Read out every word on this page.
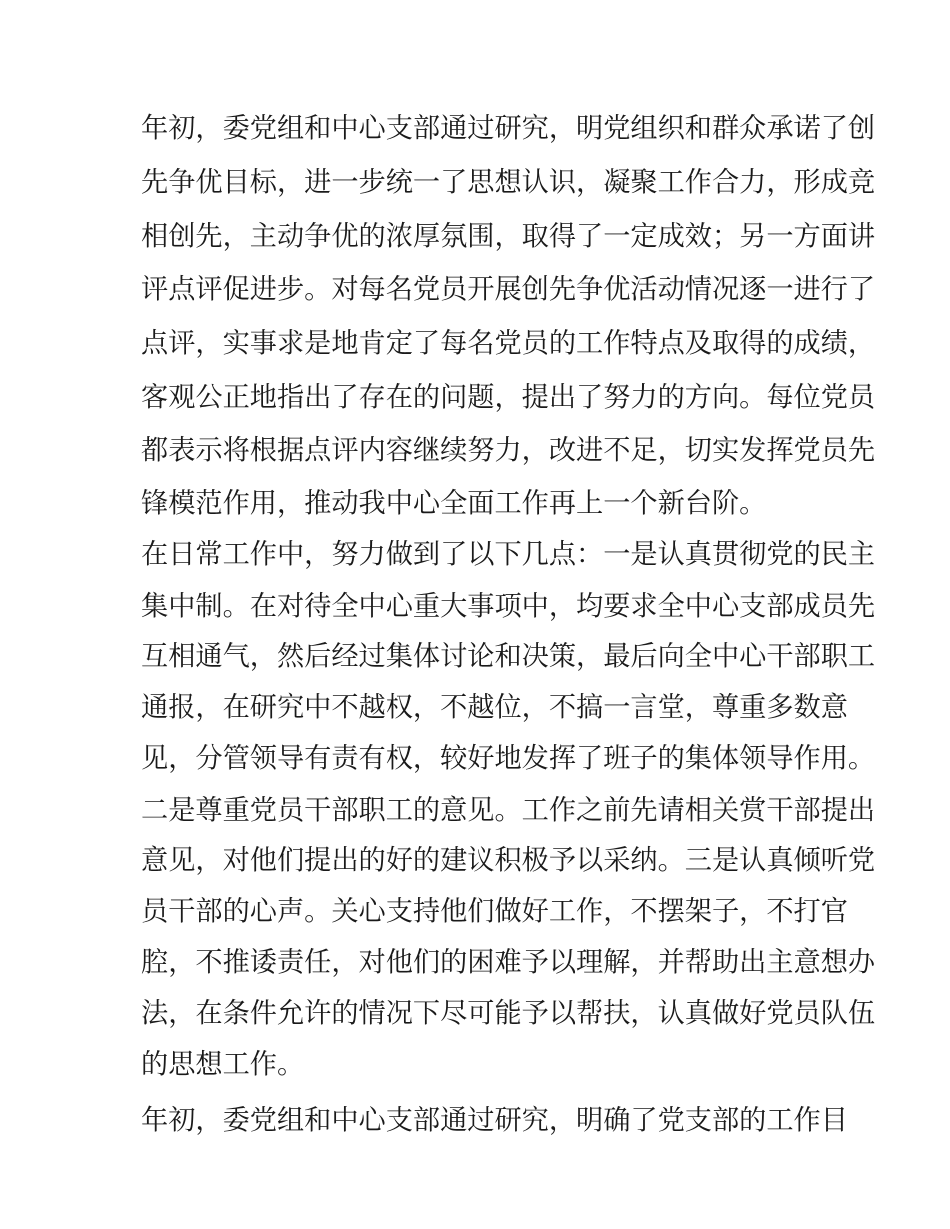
年初，委党组和中心支部通过研究，明党组织和群众承诺了创
先争优目标，进一步统一了思想认识，凝聚工作合力，形成竞
相创先，主动争优的浓厚氛围，取得了一定成效；另一方面讲
评点评促进步。对每名党员开展创先争优活动情况逐一进行了
点评，实事求是地肯定了每名党员的工作特点及取得的成绩，
客观公正地指出了存在的问题，提出了努力的方向。每位党员
都表示将根据点评内容继续努力，改进不足，切实发挥党员先
锋模范作用，推动我中心全面工作再上一个新台阶。
在日常工作中，努力做到了以下几点：一是认真贯彻党的民主
集中制。在对待全中心重大事项中，均要求全中心支部成员先
互相通气，然后经过集体讨论和决策，最后向全中心干部职工
通报，在研究中不越权，不越位，不搞一言堂，尊重多数意
见，分管领导有责有权，较好地发挥了班子的集体领导作用。
二是尊重党员干部职工的意见。工作之前先请相关赏干部提出
意见，对他们提出的好的建议积极予以采纳。三是认真倾听党
员干部的心声。关心支持他们做好工作，不摆架子，不打官
腔，不推诿责任，对他们的困难予以理解，并帮助出主意想办
法，在条件允许的情况下尽可能予以帮扶，认真做好党员队伍
的思想工作。
年初，委党组和中心支部通过研究，明确了党支部的工作目
